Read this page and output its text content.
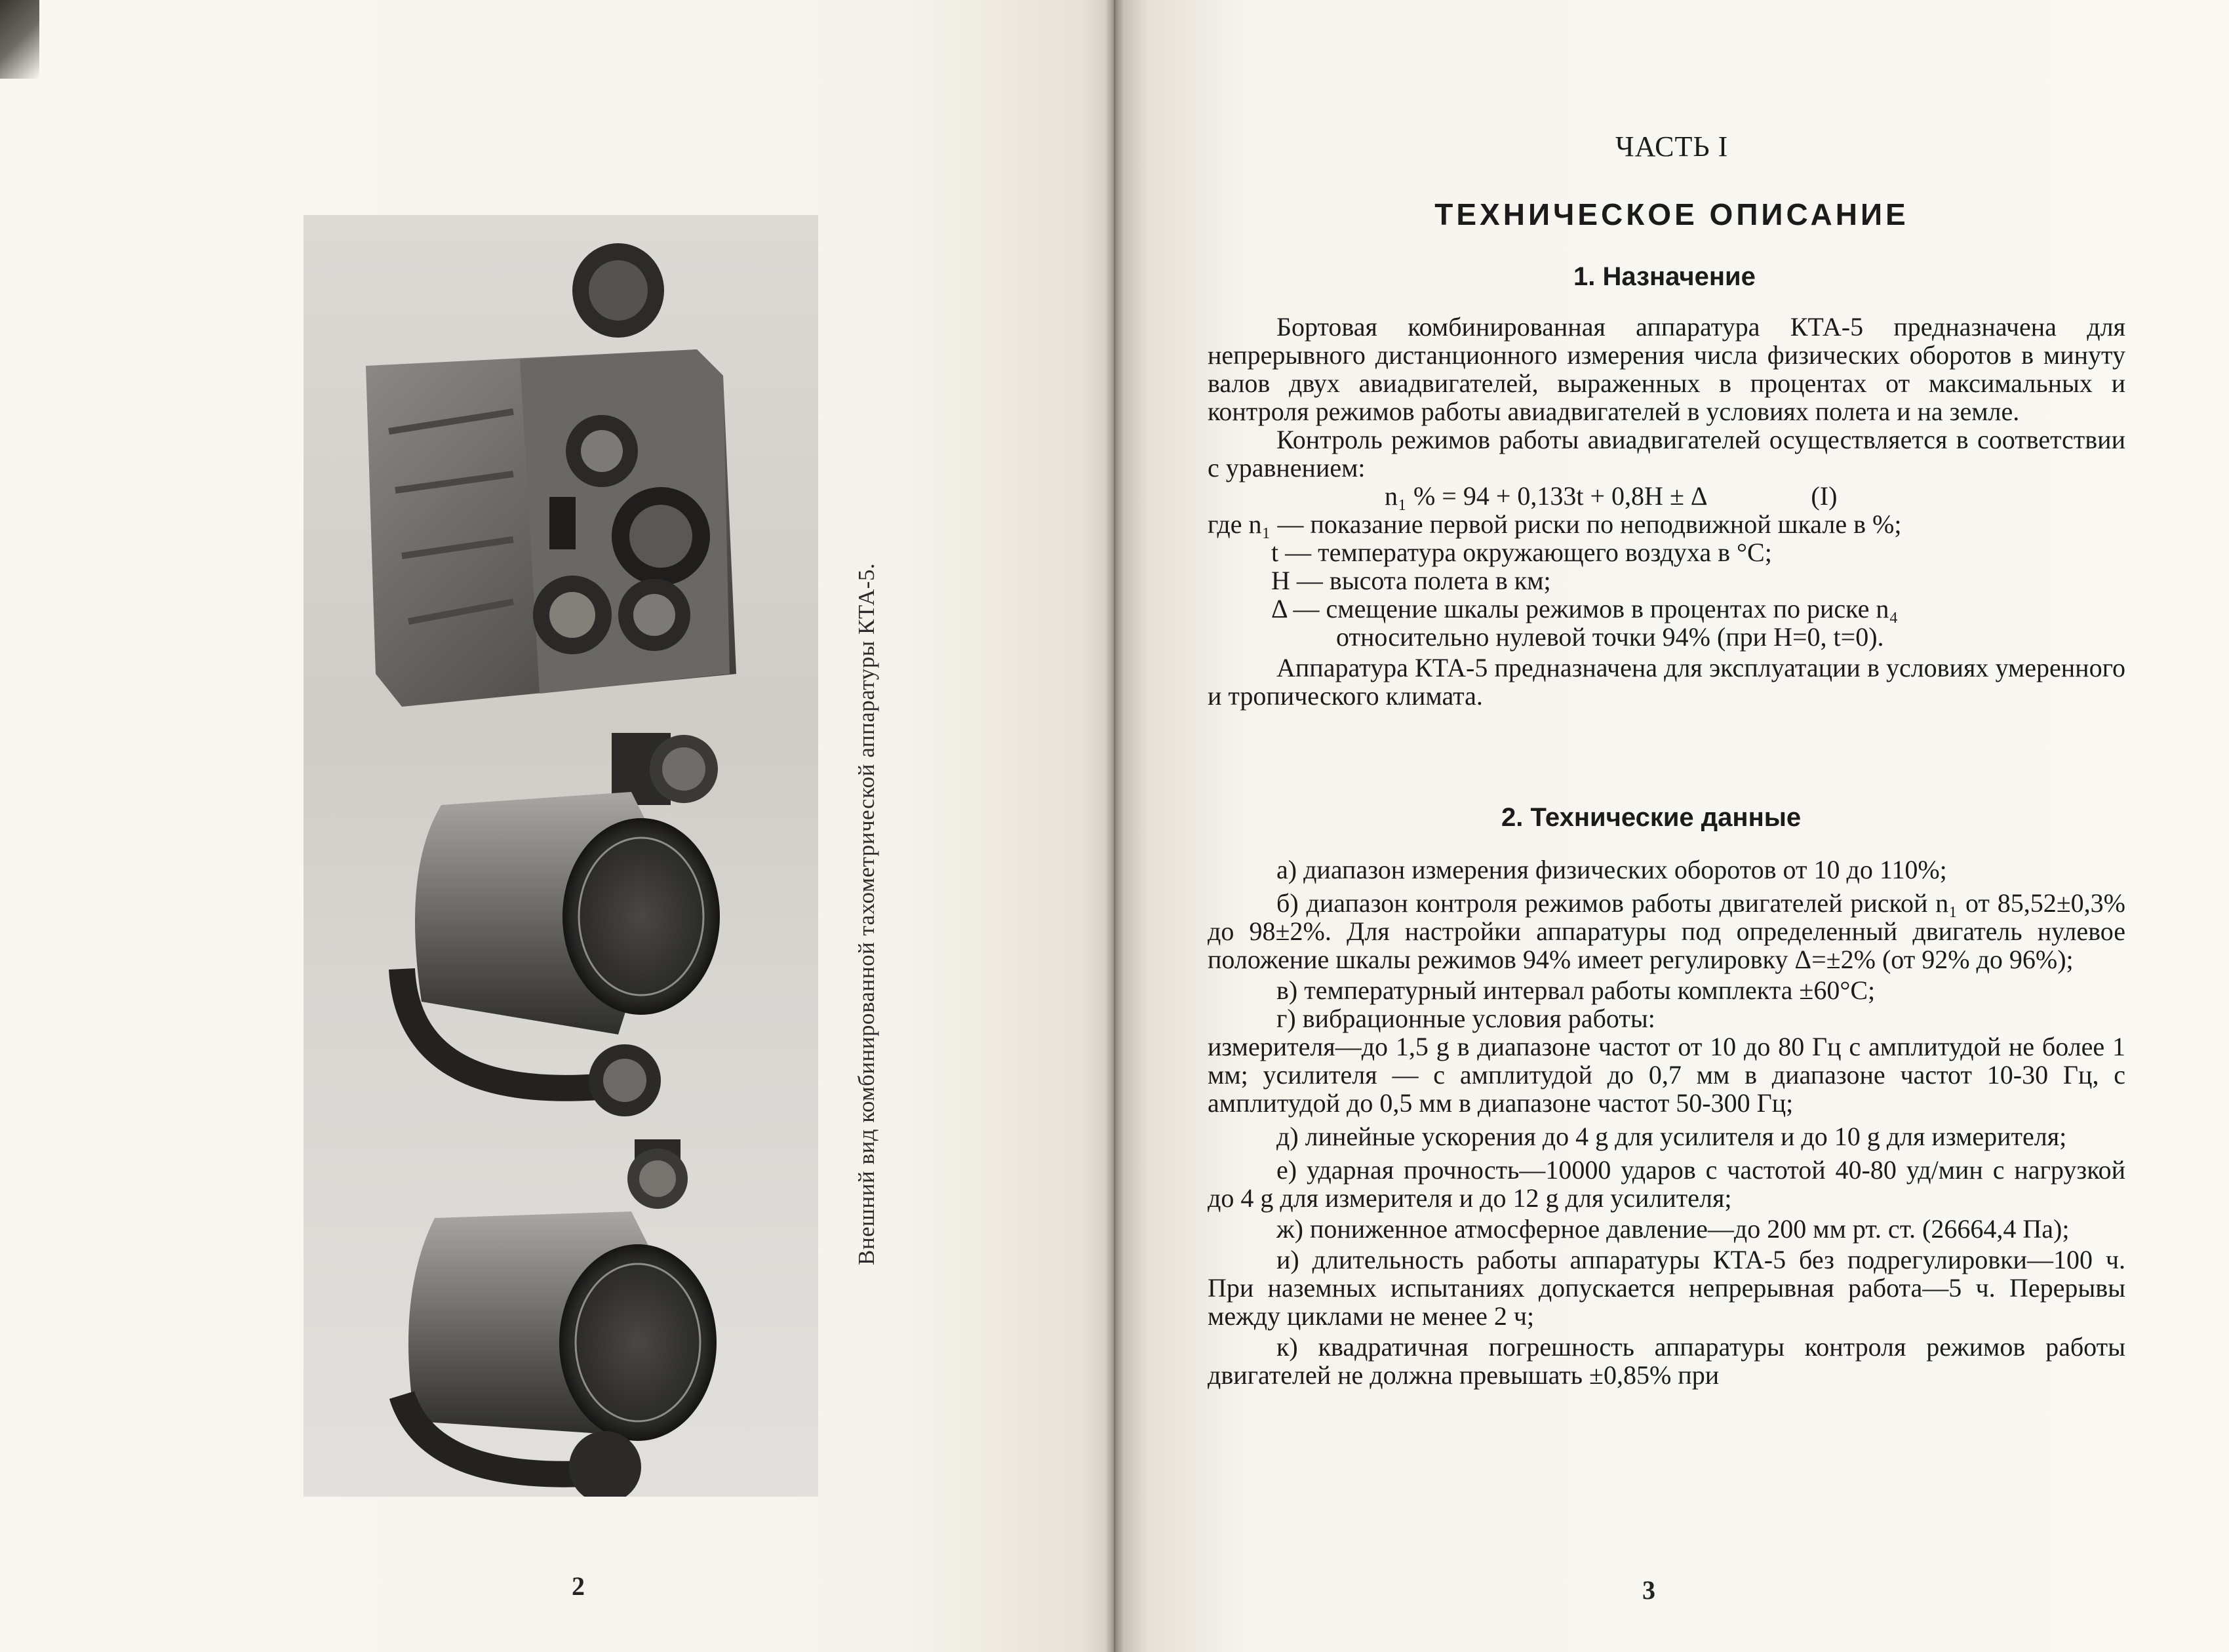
Внешний вид комбинированной тахометрической аппаратуры КТА-5.
2
ЧАСТЬ I
ТЕХНИЧЕСКОЕ ОПИСАНИЕ
1. Назначение

Бортовая комбинированная аппаратура КТА-5 предназначена для непрерывного дистанционного измерения числа физических оборотов в минуту валов двух авиадвигателей, выраженных в процентах от максимальных и контроля режимов работы авиадвигателей в условиях полета и на земле.

Контроль режимов работы авиадвигателей осуществляется в соответствии с уравнением:

n₁ % = 94 + 0,133t + 0,8H ± Δ	(I)
где n₁ — показание первой риски по неподвижной шкале в %;
t — температура окружающего воздуха в °С;
Н — высота полета в км;
Δ — смещение шкалы режимов в процентах по риске n₄
относительно нулевой точки 94% (при Н=0, t=0).

Аппаратура КТА-5 предназначена для эксплуатации в условиях умеренного и тропического климата.

2. Технические данные

а) диапазон измерения физических оборотов от 10 до 110%;

б) диапазон контроля режимов работы двигателей риской n₁ от 85,52±0,3% до 98±2%. Для настройки аппаратуры под определенный двигатель нулевое положение шкалы режимов 94% имеет регулировку Δ=±2% (от 92% до 96%);

в) температурный интервал работы комплекта ±60°С;

г) вибрационные условия работы:

измерителя—до 1,5 g в диапазоне частот от 10 до 80 Гц с амплитудой не более 1 мм; усилителя — с амплитудой до 0,7 мм в диапазоне частот 10-30 Гц, с амплитудой до 0,5 мм в диапазоне частот 50-300 Гц;

д) линейные ускорения до 4 g для усилителя и до 10 g для измерителя;

е) ударная прочность—10000 ударов с частотой 40-80 уд/мин с нагрузкой до 4 g для измерителя и до 12 g для усилителя;

ж) пониженное атмосферное давление—до 200 мм рт. ст. (26664,4 Па);

и) длительность работы аппаратуры КТА-5 без подрегулировки—100 ч. При наземных испытаниях допускается непрерывная работа—5 ч. Перерывы между циклами не менее 2 ч;

к) квадратичная погрешность аппаратуры контроля режимов работы двигателей не должна превышать ±0,85% при

3
